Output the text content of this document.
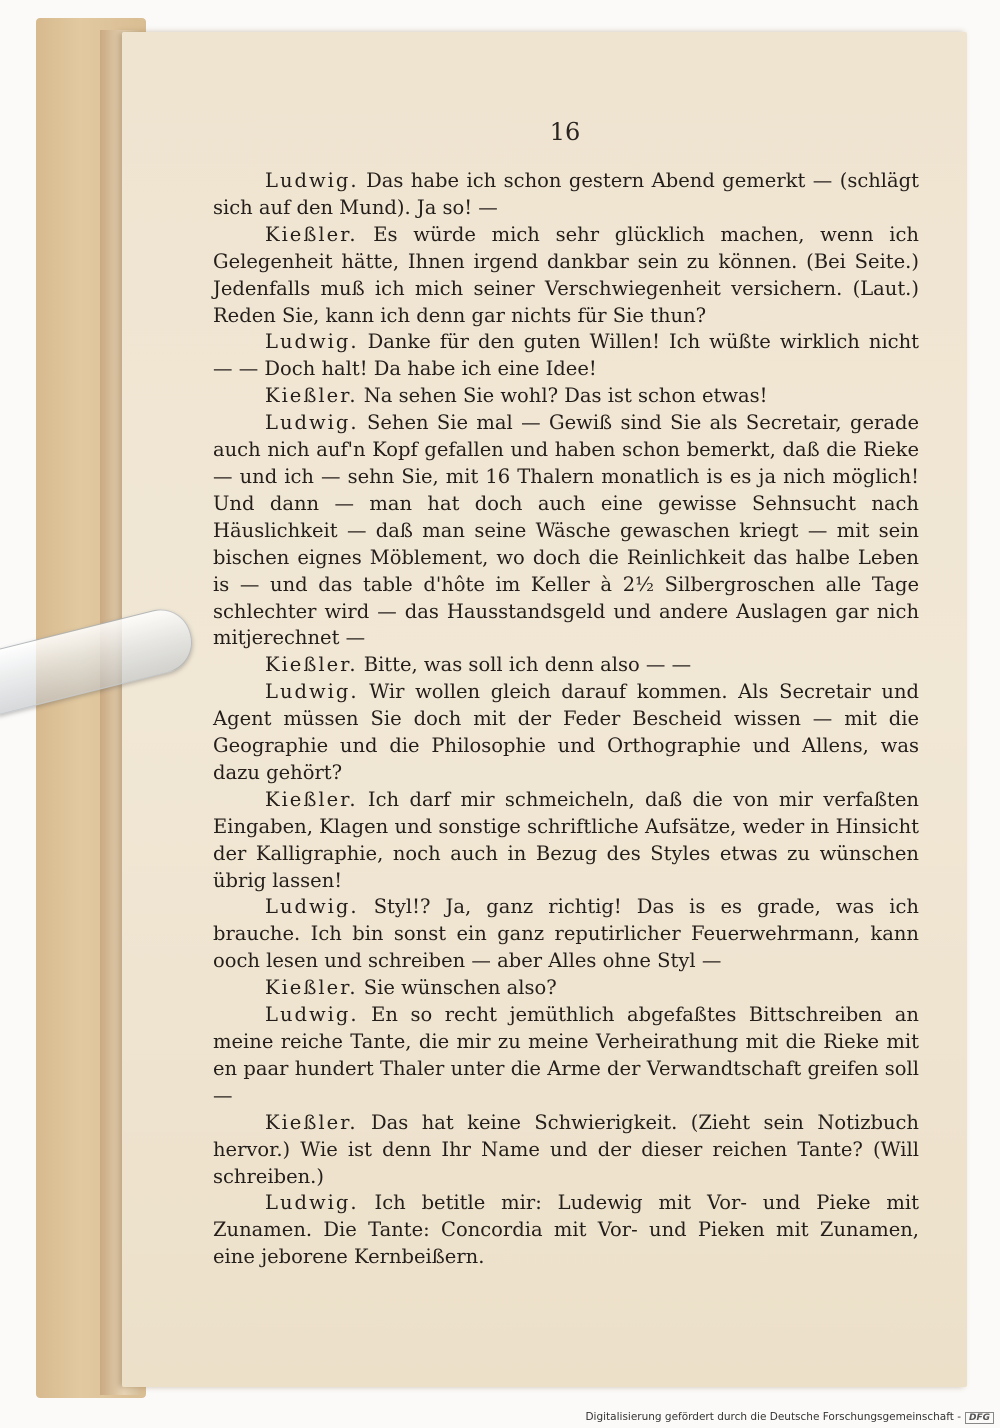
16

Ludwig. Das habe ich schon gestern Abend gemerkt — (schlägt sich auf den Mund). Ja so! —

Kießler. Es würde mich sehr glücklich machen, wenn ich Gelegenheit hätte, Ihnen irgend dankbar sein zu können. (Bei Seite.) Jedenfalls muß ich mich seiner Verschwiegenheit versichern. (Laut.) Reden Sie, kann ich denn gar nichts für Sie thun?

Ludwig. Danke für den guten Willen! Ich wüßte wirklich nicht — — Doch halt! Da habe ich eine Idee!

Kießler. Na sehen Sie wohl? Das ist schon etwas!

Ludwig. Sehen Sie mal — Gewiß sind Sie als Secretair, gerade auch nich auf'n Kopf gefallen und haben schon bemerkt, daß die Rieke — und ich — sehn Sie, mit 16 Thalern monatlich is es ja nich möglich! Und dann — man hat doch auch eine gewisse Sehnsucht nach Häuslichkeit — daß man seine Wäsche gewaschen kriegt — mit sein bischen eignes Möblement, wo doch die Reinlichkeit das halbe Leben is — und das table d'hôte im Keller à 2½ Silbergroschen alle Tage schlechter wird — das Hausstandsgeld und andere Auslagen gar nich mitjerechnet —

Kießler. Bitte, was soll ich denn also — —

Ludwig. Wir wollen gleich darauf kommen. Als Secretair und Agent müssen Sie doch mit der Feder Bescheid wissen — mit die Geographie und die Philosophie und Orthographie und Allens, was dazu gehört?

Kießler. Ich darf mir schmeicheln, daß die von mir verfaßten Eingaben, Klagen und sonstige schriftliche Aufsätze, weder in Hinsicht der Kalligraphie, noch auch in Bezug des Styles etwas zu wünschen übrig lassen!

Ludwig. Styl!? Ja, ganz richtig! Das is es grade, was ich brauche. Ich bin sonst ein ganz reputirlicher Feuerwehrmann, kann ooch lesen und schreiben — aber Alles ohne Styl —

Kießler. Sie wünschen also?

Ludwig. En so recht jemüthlich abgefaßtes Bittschreiben an meine reiche Tante, die mir zu meine Verheirathung mit die Rieke mit en paar hundert Thaler unter die Arme der Verwandtschaft greifen soll —

Kießler. Das hat keine Schwierigkeit. (Zieht sein Notizbuch hervor.) Wie ist denn Ihr Name und der dieser reichen Tante? (Will schreiben.)

Ludwig. Ich betitle mir: Ludewig mit Vor- und Pieke mit Zunamen. Die Tante: Concordia mit Vor- und Pieken mit Zunamen, eine jeborene Kernbeißern.

Digitalisierung gefördert durch die Deutsche Forschungsgemeinschaft - DFG
